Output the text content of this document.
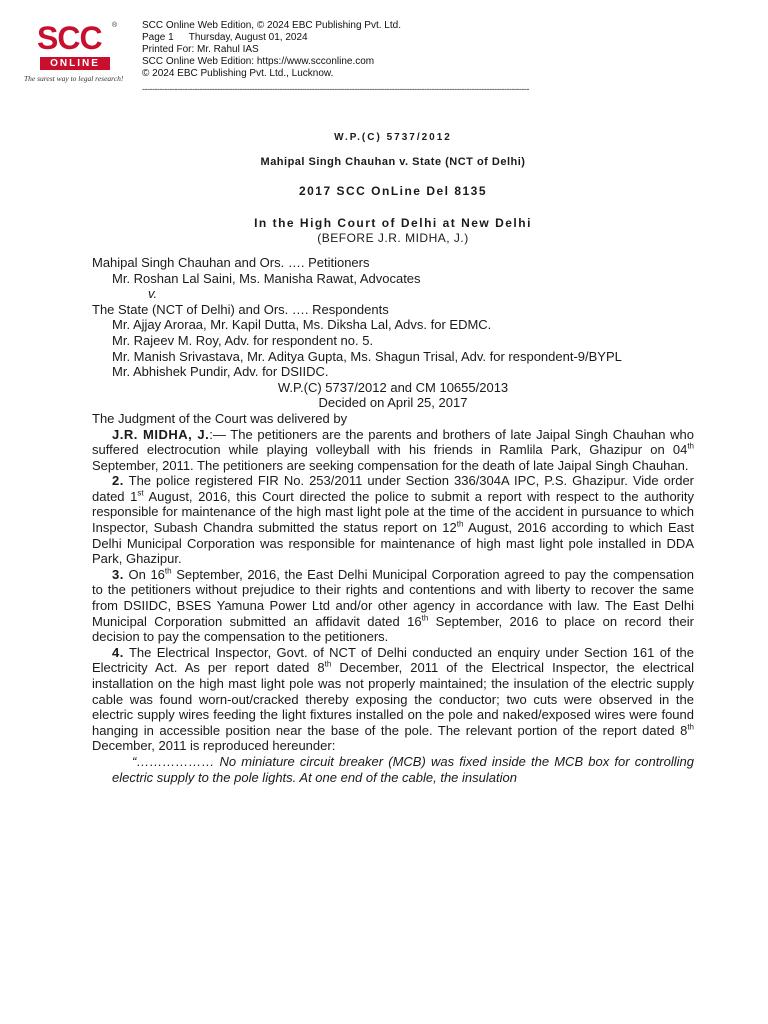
SCC ®
ONLINE
The surest way to legal research!
SCC Online Web Edition, © 2024 EBC Publishing Pvt. Ltd.
Page 1 Thursday, August 01, 2024
Printed For: Mr. Rahul IAS
SCC Online Web Edition: https://www.scconline.com
© 2024 EBC Publishing Pvt. Ltd., Lucknow.
-----------------------------------------------------------------------------------------------------------------------------------------------------------
W.P.(C) 5737/2012
Mahipal Singh Chauhan v. State (NCT of Delhi)
2017 SCC OnLine Del 8135
In the High Court of Delhi at New Delhi
(BEFORE J.R. MIDHA, J.)

Mahipal Singh Chauhan and Ors. …. Petitioners

Mr. Roshan Lal Saini, Ms. Manisha Rawat, Advocates

v.

The State (NCT of Delhi) and Ors. …. Respondents

Mr. Ajjay Aroraa, Mr. Kapil Dutta, Ms. Diksha Lal, Advs. for EDMC.

Mr. Rajeev M. Roy, Adv. for respondent no. 5.

Mr. Manish Srivastava, Mr. Aditya Gupta, Ms. Shagun Trisal, Adv. for respondent-9/BYPL

Mr. Abhishek Pundir, Adv. for DSIIDC.

W.P.(C) 5737/2012 and CM 10655/2013
Decided on April 25, 2017

The Judgment of the Court was delivered by

J.R. MIDHA, J.:— The petitioners are the parents and brothers of late Jaipal Singh Chauhan who suffered electrocution while playing volleyball with his friends in Ramlila Park, Ghazipur on 04th September, 2011. The petitioners are seeking compensation for the death of late Jaipal Singh Chauhan.

2. The police registered FIR No. 253/2011 under Section 336/304A IPC, P.S. Ghazipur. Vide order dated 1st August, 2016, this Court directed the police to submit a report with respect to the authority responsible for maintenance of the high mast light pole at the time of the accident in pursuance to which Inspector, Subash Chandra submitted the status report on 12th August, 2016 according to which East Delhi Municipal Corporation was responsible for maintenance of high mast light pole installed in DDA Park, Ghazipur.

3. On 16th September, 2016, the East Delhi Municipal Corporation agreed to pay the compensation to the petitioners without prejudice to their rights and contentions and with liberty to recover the same from DSIIDC, BSES Yamuna Power Ltd and/or other agency in accordance with law. The East Delhi Municipal Corporation submitted an affidavit dated 16th September, 2016 to place on record their decision to pay the compensation to the petitioners.

4. The Electrical Inspector, Govt. of NCT of Delhi conducted an enquiry under Section 161 of the Electricity Act. As per report dated 8th December, 2011 of the Electrical Inspector, the electrical installation on the high mast light pole was not properly maintained; the insulation of the electric supply cable was found worn-out/cracked thereby exposing the conductor; two cuts were observed in the electric supply wires feeding the light fixtures installed on the pole and naked/exposed wires were found hanging in accessible position near the base of the pole. The relevant portion of the report dated 8th December, 2011 is reproduced hereunder:

“……………… No miniature circuit breaker (MCB) was fixed inside the MCB box for controlling electric supply to the pole lights. At one end of the cable, the insulation
